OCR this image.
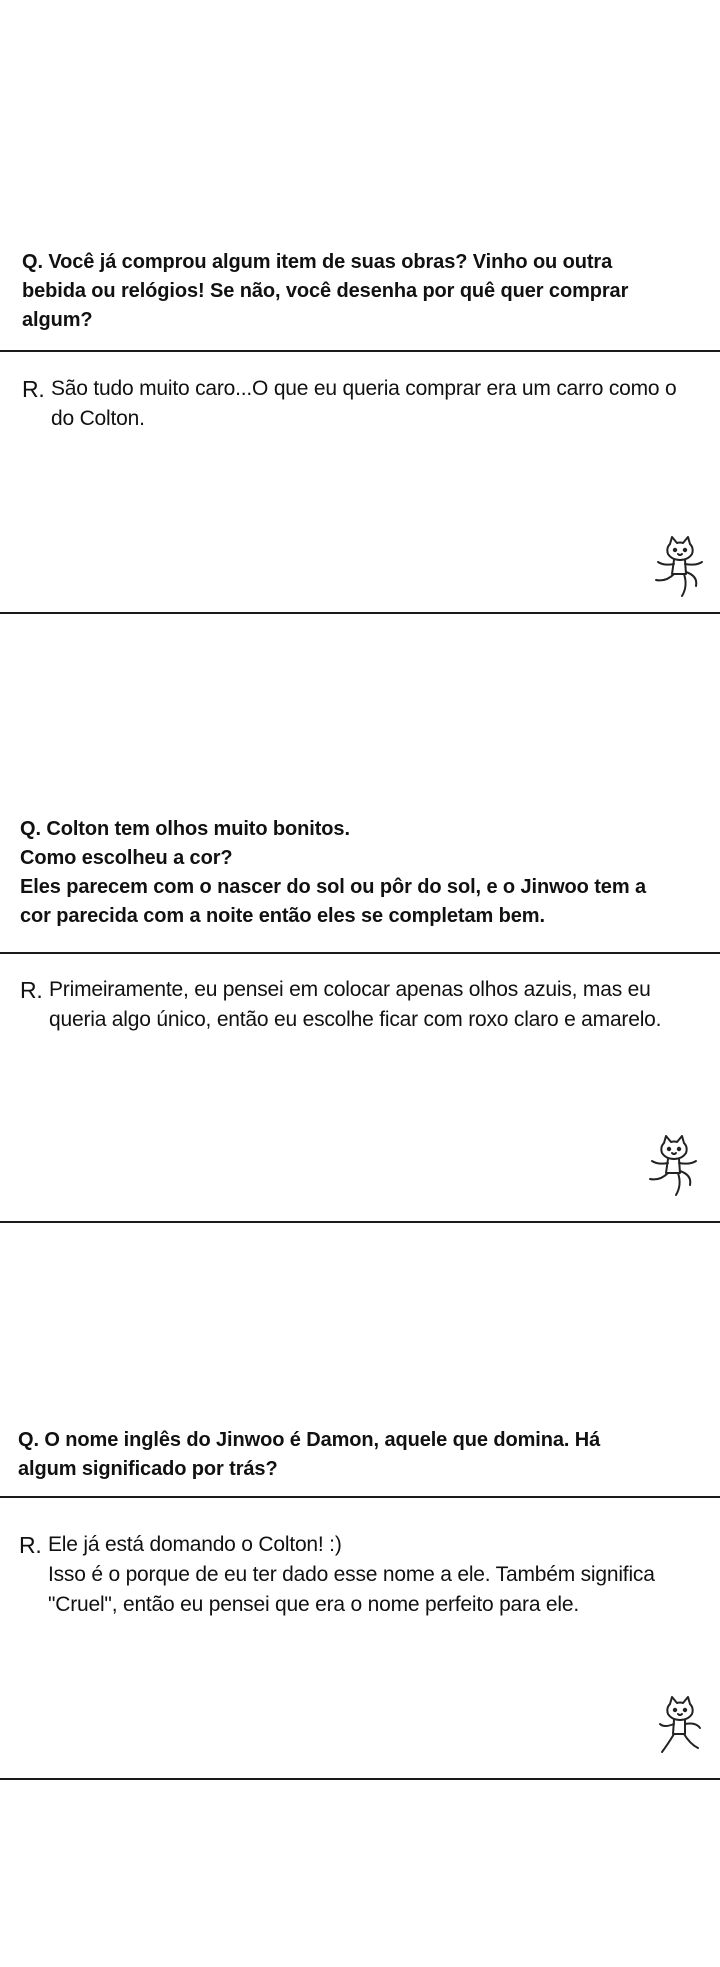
Q. Você já comprou algum item de suas obras? Vinho ou outra
bebida ou relógios! Se não, você desenha por quê quer comprar
algum?
R. São tudo muito caro...O que eu queria comprar era um carro como o
do Colton.
Q. Colton tem olhos muito bonitos.
Como escolheu a cor?
Eles parecem com o nascer do sol ou pôr do sol, e o Jinwoo tem a
cor parecida com a noite então eles se completam bem.
R. Primeiramente, eu pensei em colocar apenas olhos azuis, mas eu
queria algo único, então eu escolhe ficar com roxo claro e amarelo.
Q. O nome inglês do Jinwoo é Damon, aquele que domina. Há
algum significado por trás?
R. Ele já está domando o Colton! :)
Isso é o porque de eu ter dado esse nome a ele. Também significa
"Cruel", então eu pensei que era o nome perfeito para ele.
